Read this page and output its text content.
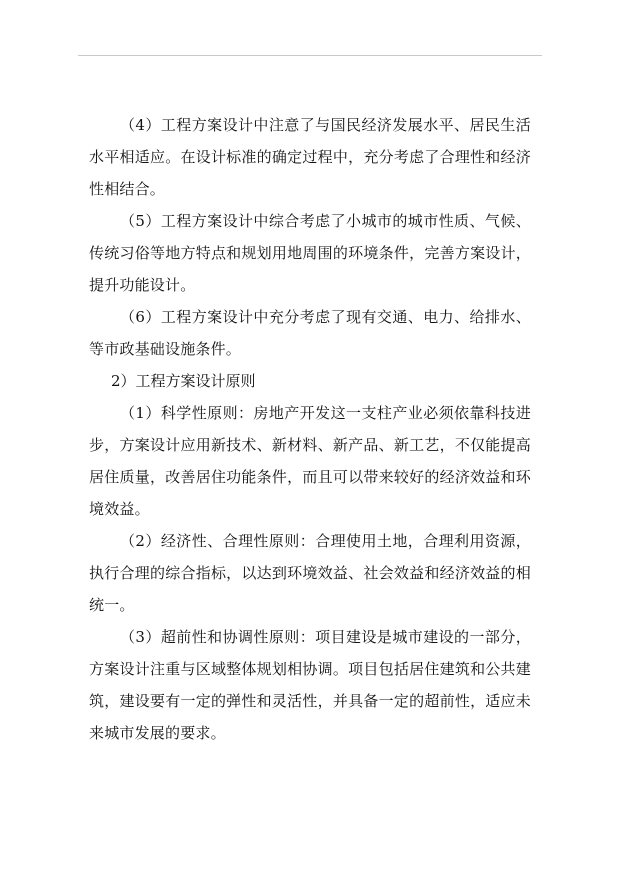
（4）工程方案设计中注意了与国民经济发展水平、居民生活水平相适应。在设计标准的确定过程中，充分考虑了合理性和经济性相结合。

（5）工程方案设计中综合考虑了小城市的城市性质、气候、传统习俗等地方特点和规划用地周围的环境条件，完善方案设计，提升功能设计。

（6）工程方案设计中充分考虑了现有交通、电力、给排水、等市政基础设施条件。

2）工程方案设计原则

（1）科学性原则：房地产开发这一支柱产业必须依靠科技进步，方案设计应用新技术、新材料、新产品、新工艺，不仅能提高居住质量，改善居住功能条件，而且可以带来较好的经济效益和环境效益。

（2）经济性、合理性原则：合理使用土地，合理利用资源，执行合理的综合指标，以达到环境效益、社会效益和经济效益的相统一。

（3）超前性和协调性原则：项目建设是城市建设的一部分，方案设计注重与区域整体规划相协调。项目包括居住建筑和公共建筑，建设要有一定的弹性和灵活性，并具备一定的超前性，适应未来城市发展的要求。
